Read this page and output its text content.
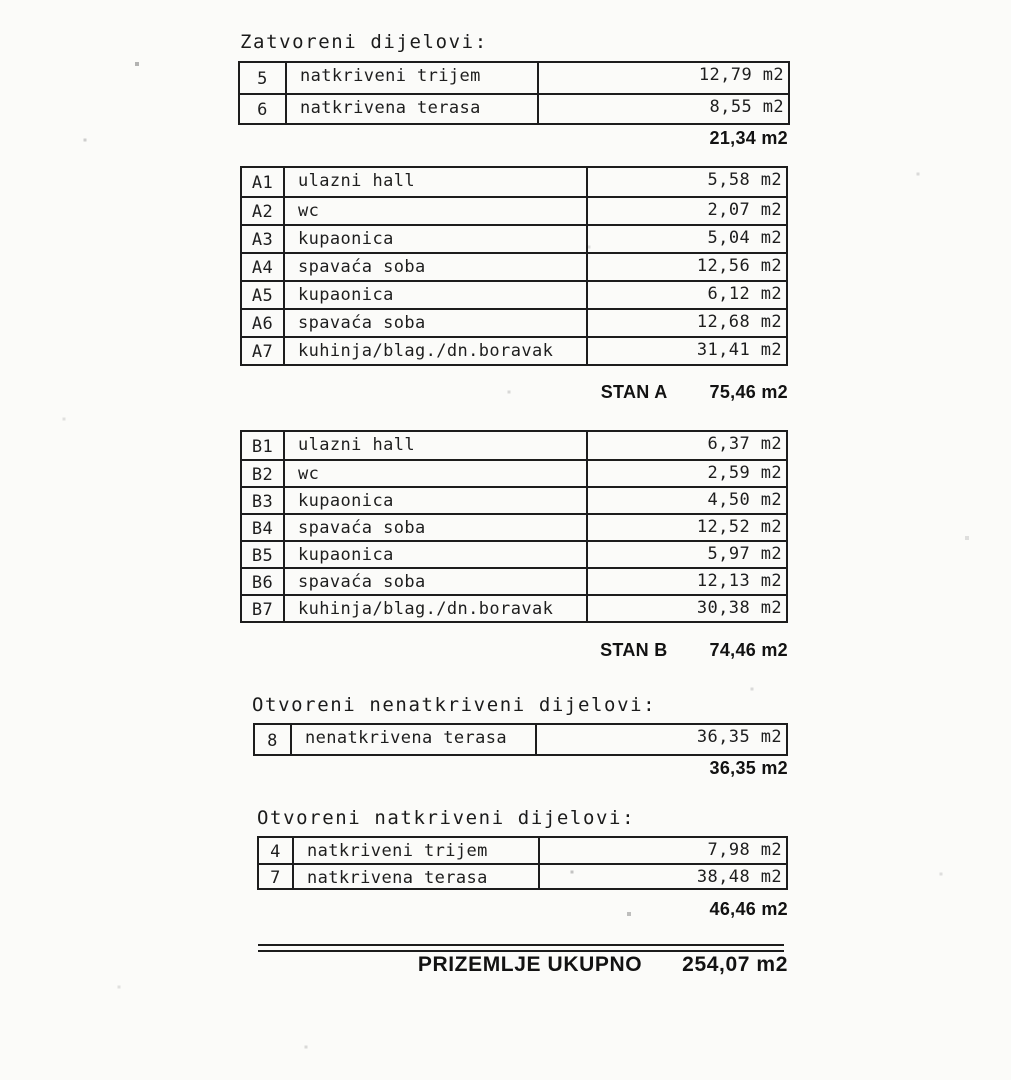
Zatvoreni dijelovi:
5	natkriveni trijem	12,79 m2
6	natkrivena terasa	8,55 m2
21,34 m2
A1	ulazni hall	5,58 m2
A2	wc	2,07 m2
A3	kupaonica	5,04 m2
A4	spavaća soba	12,56 m2
A5	kupaonica	6,12 m2
A6	spavaća soba	12,68 m2
A7	kuhinja/blag./dn.boravak	31,41 m2
STAN A 75,46 m2
B1	ulazni hall	6,37 m2
B2	wc	2,59 m2
B3	kupaonica	4,50 m2
B4	spavaća soba	12,52 m2
B5	kupaonica	5,97 m2
B6	spavaća soba	12,13 m2
B7	kuhinja/blag./dn.boravak	30,38 m2
STAN B 74,46 m2
Otvoreni nenatkriveni dijelovi:
8	nenatkrivena terasa	36,35 m2
36,35 m2
Otvoreni natkriveni dijelovi:
4	natkriveni trijem	7,98 m2
7	natkrivena terasa	38,48 m2
46,46 m2
PRIZEMLJE UKUPNO 254,07 m2
